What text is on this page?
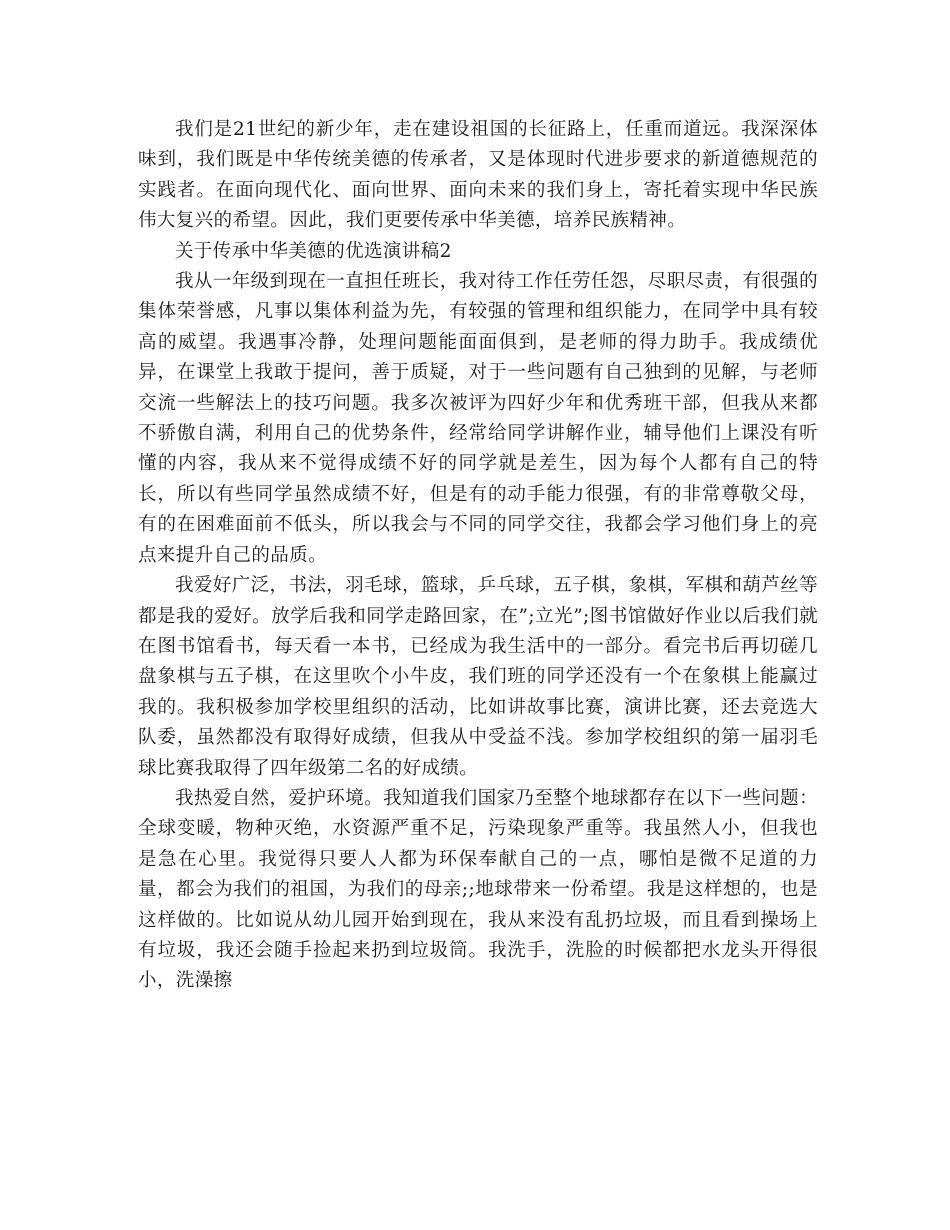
我们是21世纪的新少年，走在建设祖国的长征路上，任重而道远。我深深体味到，我们既是中华传统美德的传承者，又是体现时代进步要求的新道德规范的实践者。在面向现代化、面向世界、面向未来的我们身上，寄托着实现中华民族伟大复兴的希望。因此，我们更要传承中华美德，培养民族精神。

关于传承中华美德的优选演讲稿2

我从一年级到现在一直担任班长，我对待工作任劳任怨，尽职尽责，有很强的集体荣誉感，凡事以集体利益为先，有较强的管理和组织能力，在同学中具有较高的威望。我遇事冷静，处理问题能面面俱到，是老师的得力助手。我成绩优异，在课堂上我敢于提问，善于质疑，对于一些问题有自己独到的见解，与老师交流一些解法上的技巧问题。我多次被评为四好少年和优秀班干部，但我从来都不骄傲自满，利用自己的优势条件，经常给同学讲解作业，辅导他们上课没有听懂的内容，我从来不觉得成绩不好的同学就是差生，因为每个人都有自己的特长，所以有些同学虽然成绩不好，但是有的动手能力很强，有的非常尊敬父母，有的在困难面前不低头，所以我会与不同的同学交往，我都会学习他们身上的亮点来提升自己的品质。

我爱好广泛，书法，羽毛球，篮球，乒乓球，五子棋，象棋，军棋和葫芦丝等都是我的爱好。放学后我和同学走路回家，在”;立光”;图书馆做好作业以后我们就在图书馆看书，每天看一本书，已经成为我生活中的一部分。看完书后再切磋几盘象棋与五子棋，在这里吹个小牛皮，我们班的同学还没有一个在象棋上能赢过我的。我积极参加学校里组织的活动，比如讲故事比赛，演讲比赛，还去竞选大队委，虽然都没有取得好成绩，但我从中受益不浅。参加学校组织的第一届羽毛球比赛我取得了四年级第二名的好成绩。

我热爱自然，爱护环境。我知道我们国家乃至整个地球都存在以下一些问题：全球变暖，物种灭绝，水资源严重不足，污染现象严重等。我虽然人小，但我也是急在心里。我觉得只要人人都为环保奉献自己的一点，哪怕是微不足道的力量，都会为我们的祖国，为我们的母亲;;地球带来一份希望。我是这样想的，也是这样做的。比如说从幼儿园开始到现在，我从来没有乱扔垃圾，而且看到操场上有垃圾，我还会随手捡起来扔到垃圾筒。我洗手，洗脸的时候都把水龙头开得很小，洗澡擦
